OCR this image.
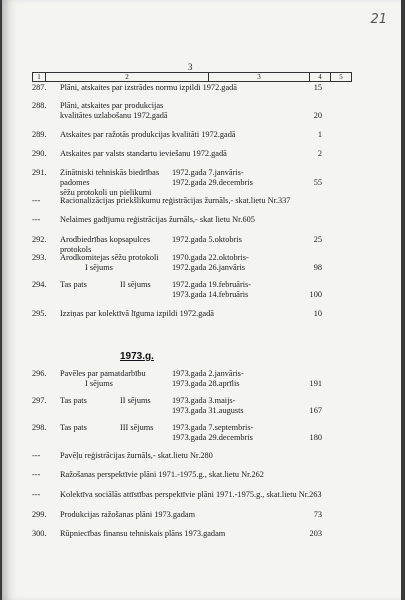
21
3
1	2	3	4	5
287. Plāni, atskaites par izstrādes normu izpildi 1972.gadā	15
288. Plāni, atskaites par produkcijas
kvalitātes uzlabošanu 1972.gadā	20
289. Atskaites par ražotās produkcijas kvalitāti 1972.gadā	1
290. Atskaites par valsts standartu ieviešanu 1972.gadā	2
291. Zinātniski tehniskās biedrības padomes
sēžu protokoli un pielikumi
1972.gada 7.janvāris-
1972.gada 29.decembris	55
--- Racionalizācijas priekšlikumu reģistrācijas žurnāls,- skat.lietu Nr.337
--- Nelaimes gadījumu reģistrācijas žurnāls,- skat lietu Nr.605
292. Arodbiedrības kopsapulces protokols
1972.gada 5.oktobris	25
293. Arodkomitejas sēžu protokoli
I sējums
1970.gada 22.oktobris-
1972.gada 26.janvāris	98
294. Tas pats	II sējums	1972.gada 19.februāris-
1973.gada 14.februāris	100
295. Izziņas par kolektīvā līguma izpildi 1972.gadā	10
1973.g.
296. Pavēles par pamatdarbību
I sējums
1973.gada 2.janvāris-
1973.gada 28.aprīlis	191
297. Tas pats	II sējums	1973.gada 3.maijs-
1973.gada 31.augusts	167
298. Tas pats	III sējums 1973.gada 7.septembris-
1973.gada 29.decembris	180
--- Pavēļu reģistrācijas žurnāls,- skat.lietu Nr.280
--- Ražošanas perspektīvie plāni 1971.-1975.g., skat.lietu Nr.262
--- Kolektīva sociālās attīstības perspektīvie plāni 1971.-1975.g., skat.lietu Nr.263
299. Produkcijas ražošanas plāni 1973.gadam	73
300. Rūpniecības finansu tehniskais plāns 1973.gadam	203
